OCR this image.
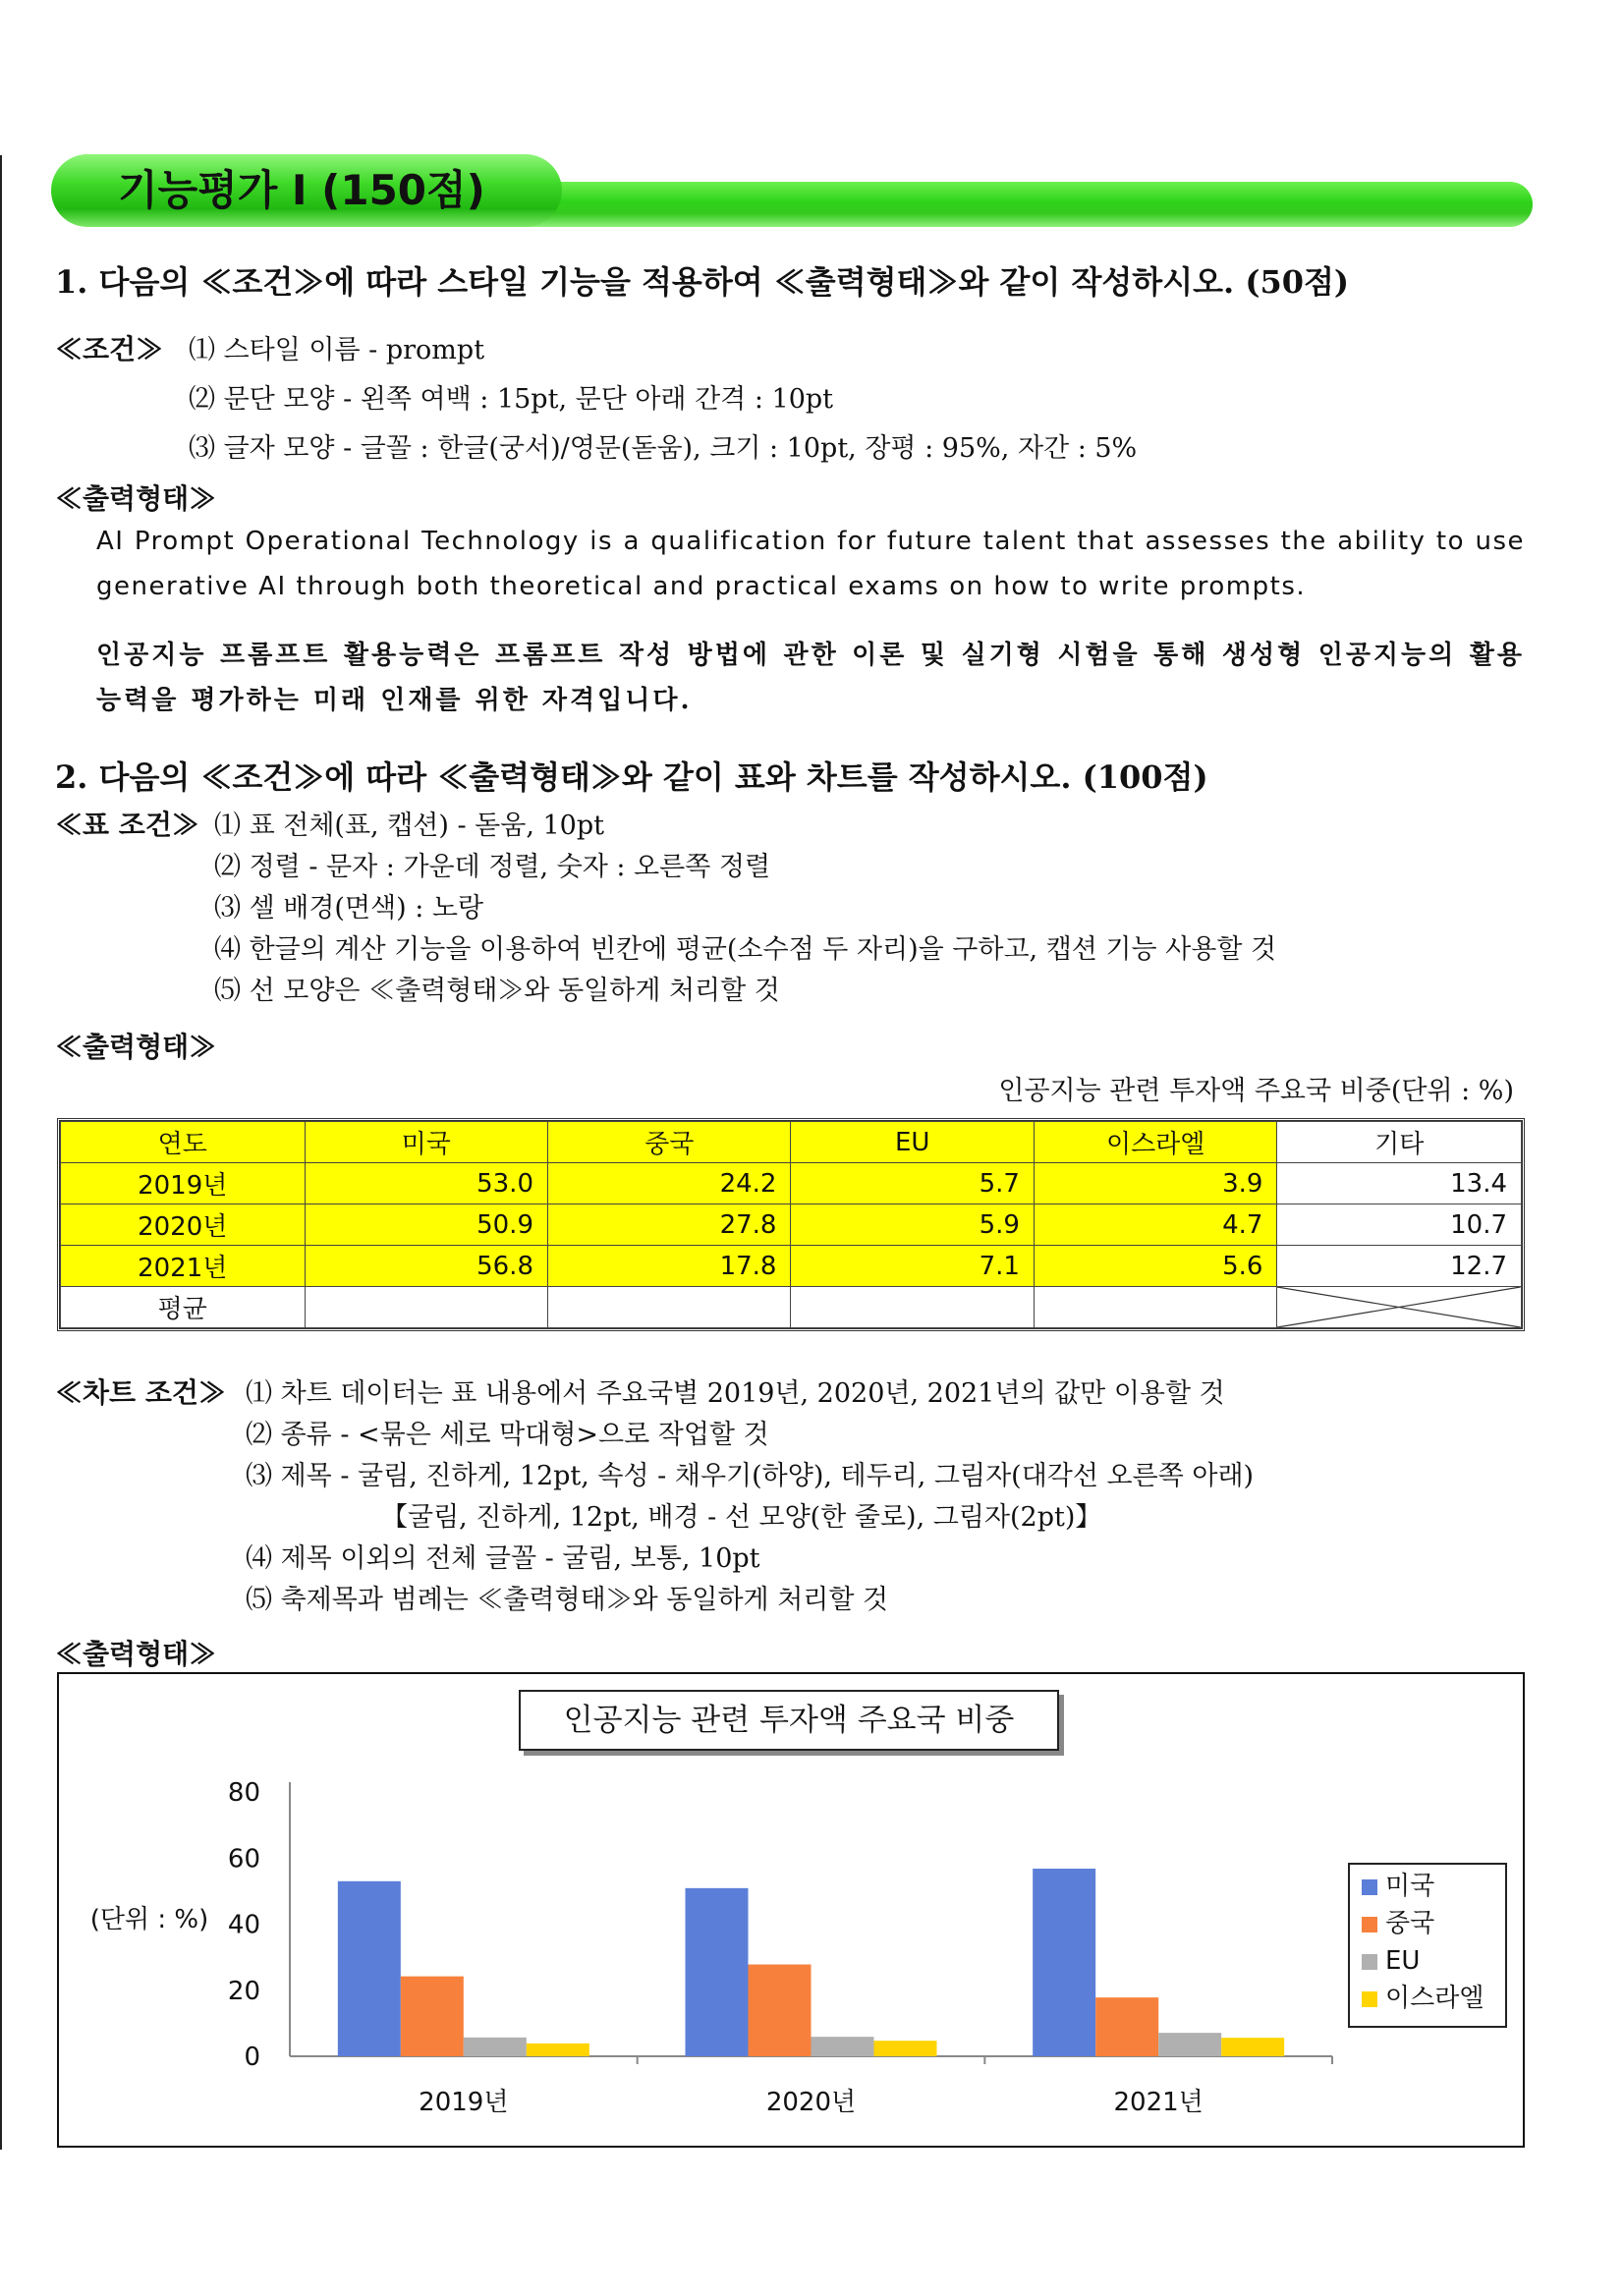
기능평가 Ⅰ (150점)
1. 다음의 ≪조건≫에 따라 스타일 기능을 적용하여 ≪출력형태≫와 같이 작성하시오. (50점)
≪조건≫ ⑴ 스타일 이름 - prompt
⑵ 문단 모양 - 왼쪽 여백 : 15pt, 문단 아래 간격 : 10pt
⑶ 글자 모양 - 글꼴 : 한글(궁서)/영문(돋움), 크기 : 10pt, 장평 : 95%, 자간 : 5%
≪출력형태≫
AI Prompt Operational Technology is a qualification for future talent that assesses the ability to use generative AI through both theoretical and practical exams on how to write prompts.
인공지능 프롬프트 활용능력은 프롬프트 작성 방법에 관한 이론 및 실기형 시험을 통해 생성형 인공지능의 활용능력을 평가하는 미래 인재를 위한 자격입니다.
2. 다음의 ≪조건≫에 따라 ≪출력형태≫와 같이 표와 차트를 작성하시오. (100점)
≪표 조건≫ ⑴ 표 전체(표, 캡션) - 돋움, 10pt
⑵ 정렬 - 문자 : 가운데 정렬, 숫자 : 오른쪽 정렬
⑶ 셀 배경(면색) : 노랑
⑷ 한글의 계산 기능을 이용하여 빈칸에 평균(소수점 두 자리)을 구하고, 캡션 기능 사용할 것
⑸ 선 모양은 ≪출력형태≫와 동일하게 처리할 것
≪출력형태≫
인공지능 관련 투자액 주요국 비중(단위 : %)
연도	미국	중국	EU	이스라엘	기타
2019년	53.0	24.2	5.7	3.9	13.4
2020년	50.9	27.8	5.9	4.7	10.7
2021년	56.8	17.8	7.1	5.6	12.7
평균					
≪차트 조건≫ ⑴ 차트 데이터는 표 내용에서 주요국별 2019년, 2020년, 2021년의 값만 이용할 것
⑵ 종류 - <묶은 세로 막대형>으로 작업할 것
⑶ 제목 - 굴림, 진하게, 12pt, 속성 - 채우기(하양), 테두리, 그림자(대각선 오른쪽 아래)
【굴림, 진하게, 12pt, 배경 - 선 모양(한 줄로), 그림자(2pt)】
⑷ 제목 이외의 전체 글꼴 - 굴림, 보통, 10pt
⑸ 축제목과 범례는 ≪출력형태≫와 동일하게 처리할 것
≪출력형태≫
0
20
40
60
80
(단위 : %)
2019년	2020년	2021년
인공지능 관련 투자액 주요국 비중
미국
중국
EU
이스라엘
